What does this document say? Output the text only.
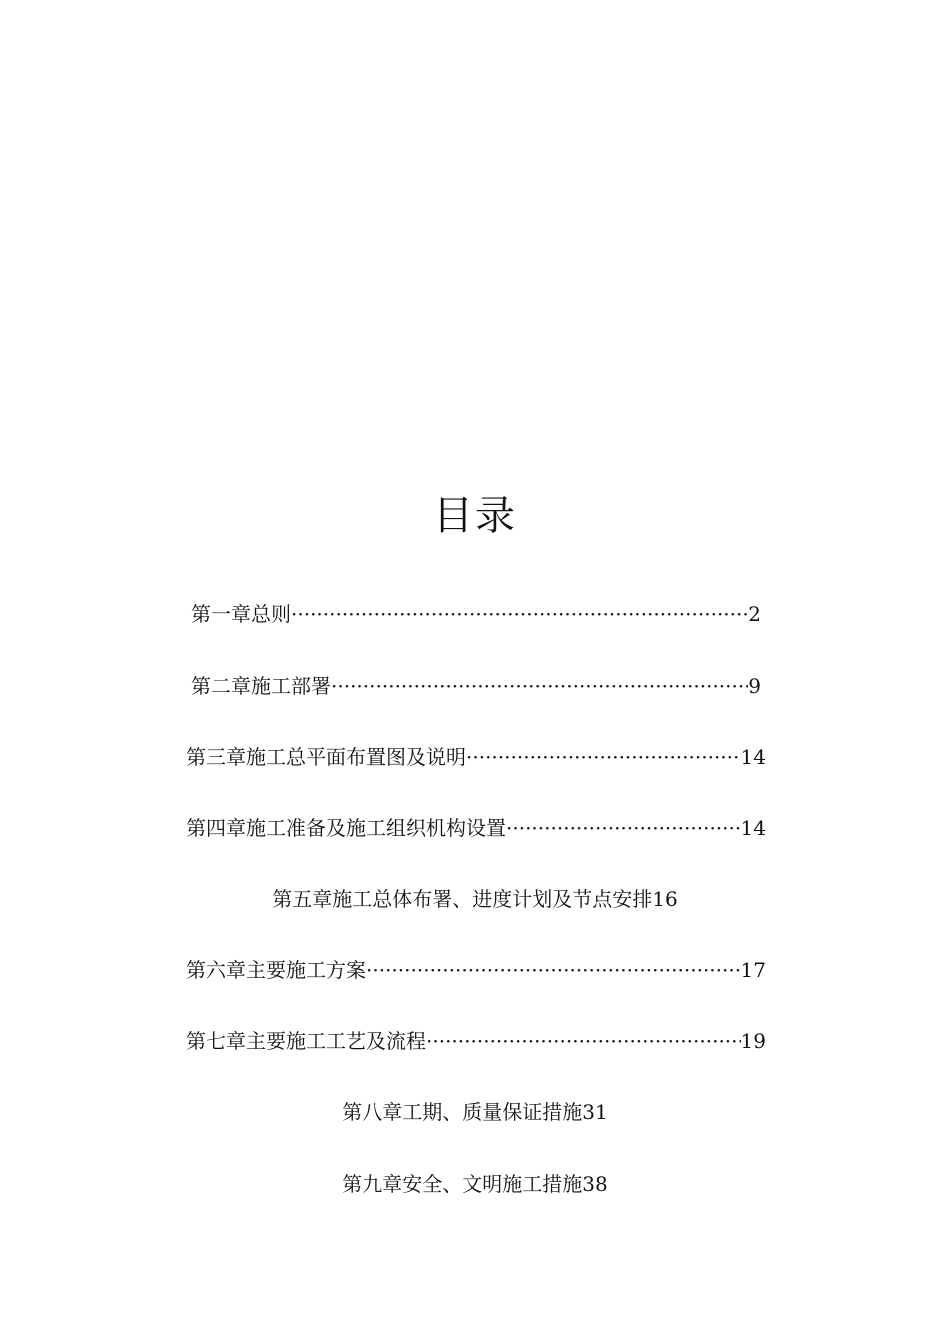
目录
第一章总则 ·····	2
第二章施工部署 ·····	9
第三章施工总平面布置图及说明 ·····	14
第四章施工准备及施工组织机构设置 ·····	14
第五章施工总体布署、进度计划及节点安排16
第六章主要施工方案 ·····	17
第七章主要施工工艺及流程 ·····	19
第八章工期、质量保证措施31
第九章安全、文明施工措施38
